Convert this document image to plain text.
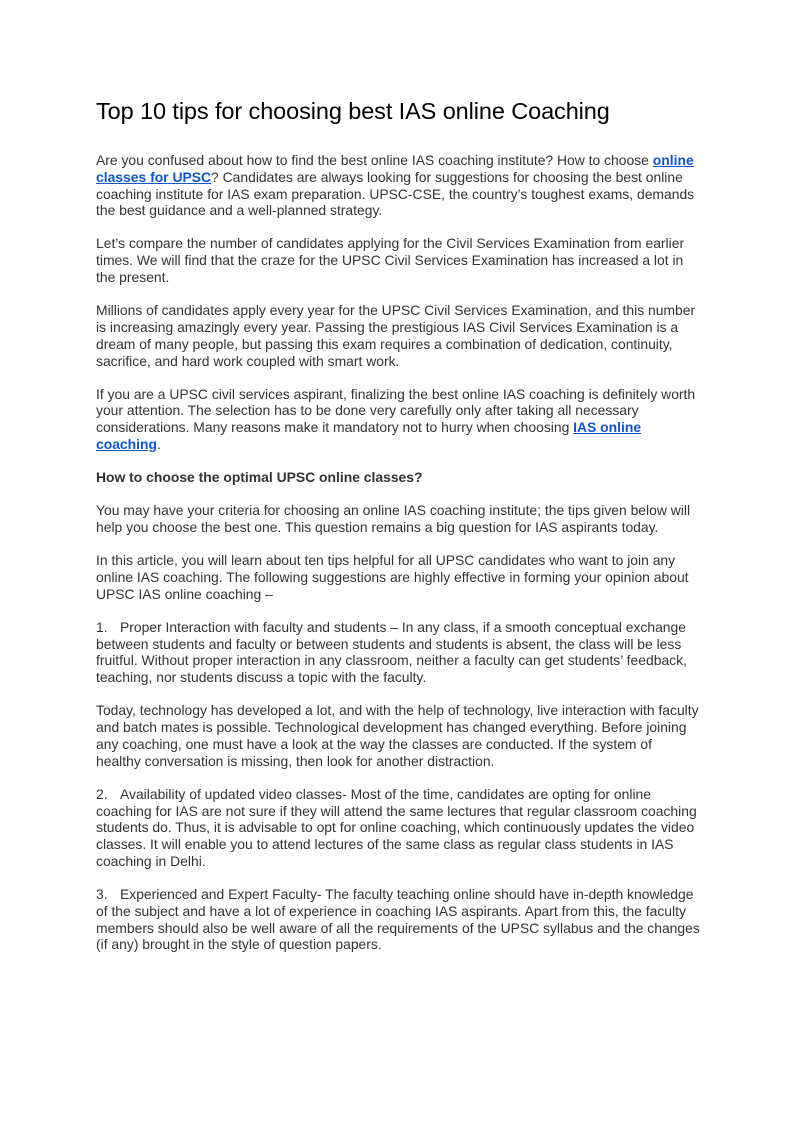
Top 10 tips for choosing best IAS online Coaching

Are you confused about how to find the best online IAS coaching institute? How to choose online classes for UPSC? Candidates are always looking for suggestions for choosing the best online coaching institute for IAS exam preparation. UPSC-CSE, the country’s toughest exams, demands the best guidance and a well-planned strategy.

Let’s compare the number of candidates applying for the Civil Services Examination from earlier times. We will find that the craze for the UPSC Civil Services Examination has increased a lot in the present.

Millions of candidates apply every year for the UPSC Civil Services Examination, and this number is increasing amazingly every year. Passing the prestigious IAS Civil Services Examination is a dream of many people, but passing this exam requires a combination of dedication, continuity, sacrifice, and hard work coupled with smart work.

If you are a UPSC civil services aspirant, finalizing the best online IAS coaching is definitely worth your attention. The selection has to be done very carefully only after taking all necessary considerations. Many reasons make it mandatory not to hurry when choosing IAS online coaching.

How to choose the optimal UPSC online classes?

You may have your criteria for choosing an online IAS coaching institute; the tips given below will help you choose the best one. This question remains a big question for IAS aspirants today.

In this article, you will learn about ten tips helpful for all UPSC candidates who want to join any online IAS coaching. The following suggestions are highly effective in forming your opinion about UPSC IAS online coaching –

1. Proper Interaction with faculty and students – In any class, if a smooth conceptual exchange between students and faculty or between students and students is absent, the class will be less fruitful. Without proper interaction in any classroom, neither a faculty can get students’ feedback, teaching, nor students discuss a topic with the faculty.

Today, technology has developed a lot, and with the help of technology, live interaction with faculty and batch mates is possible. Technological development has changed everything. Before joining any coaching, one must have a look at the way the classes are conducted. If the system of healthy conversation is missing, then look for another distraction.

2. Availability of updated video classes- Most of the time, candidates are opting for online coaching for IAS are not sure if they will attend the same lectures that regular classroom coaching students do. Thus, it is advisable to opt for online coaching, which continuously updates the video classes. It will enable you to attend lectures of the same class as regular class students in IAS coaching in Delhi.

3. Experienced and Expert Faculty- The faculty teaching online should have in-depth knowledge of the subject and have a lot of experience in coaching IAS aspirants. Apart from this, the faculty members should also be well aware of all the requirements of the UPSC syllabus and the changes (if any) brought in the style of question papers.
